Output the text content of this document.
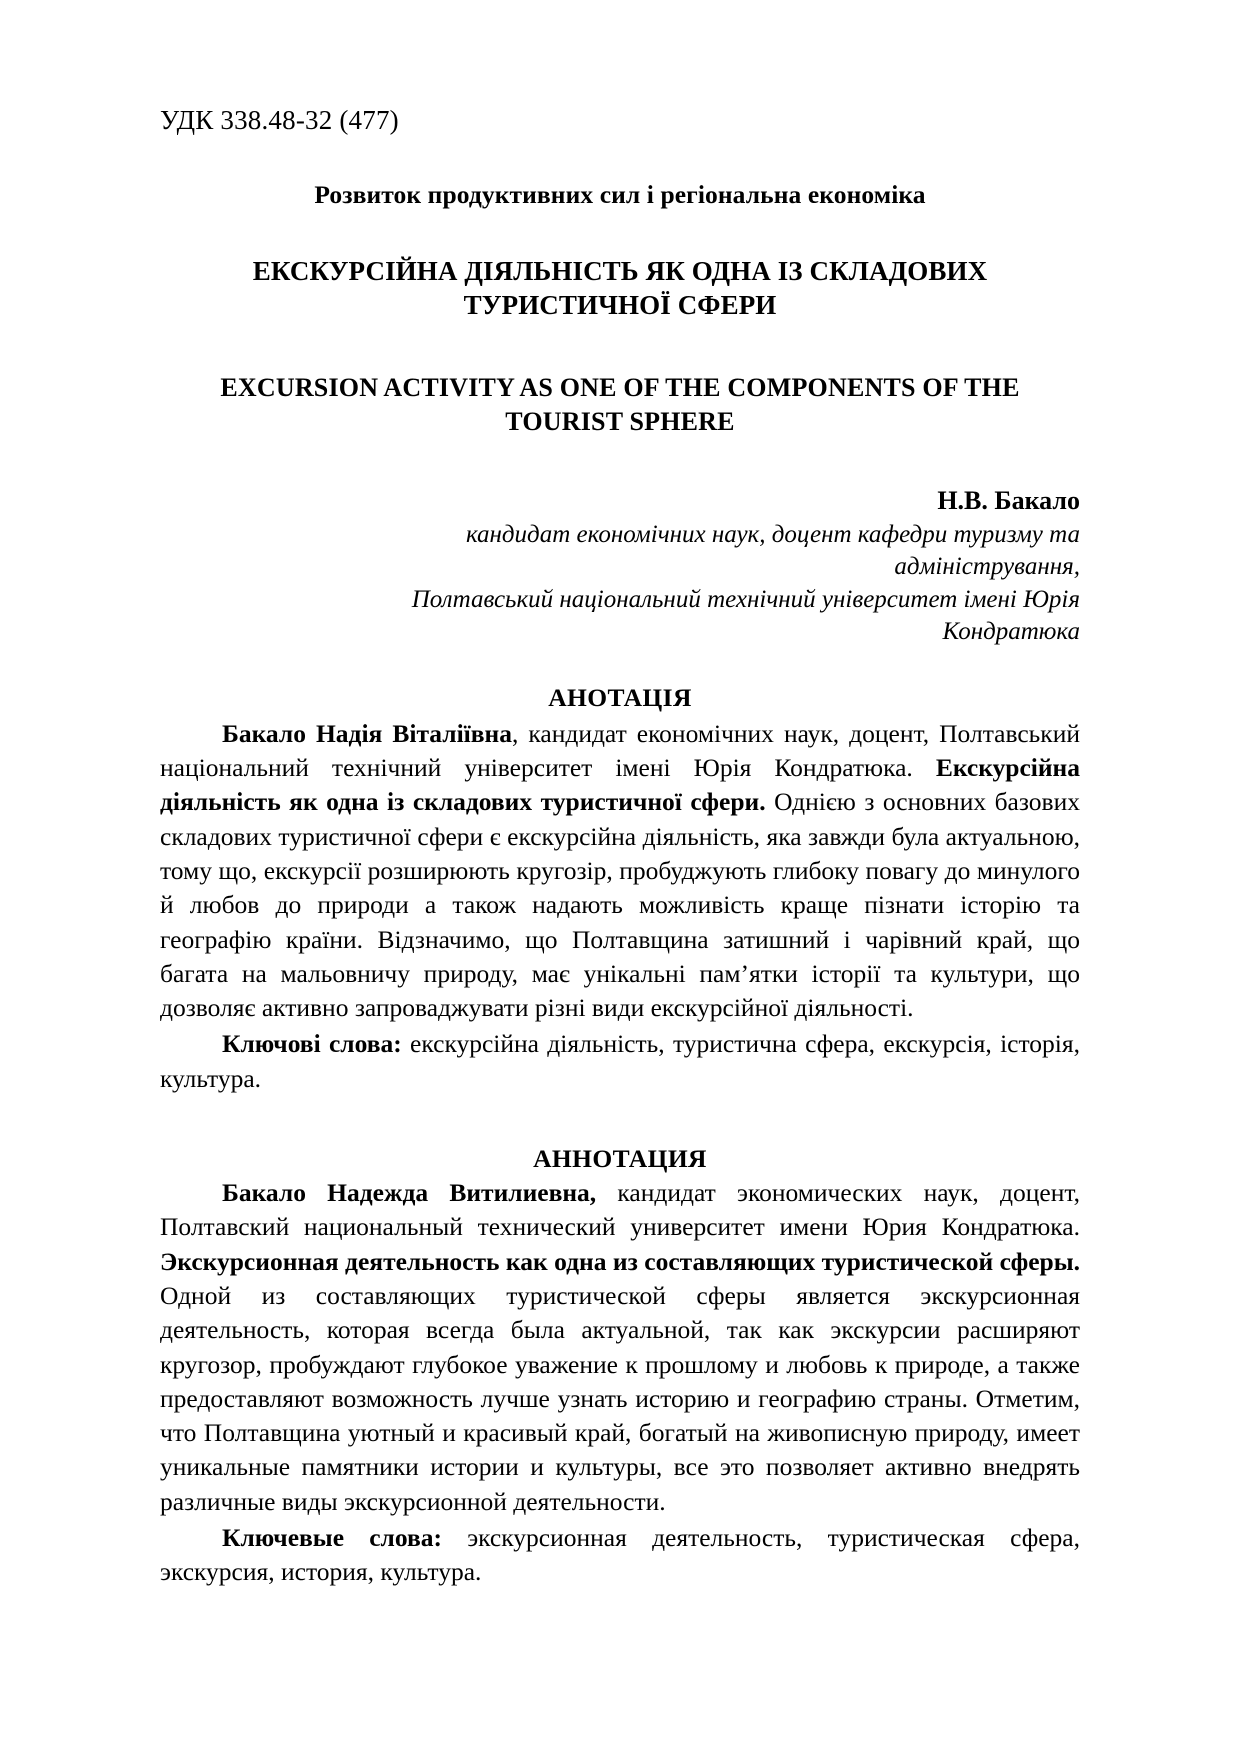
УДК 338.48-32 (477)
Розвиток продуктивних сил і регіональна економіка
ЕКСКУРСІЙНА ДІЯЛЬНІСТЬ ЯК ОДНА ІЗ СКЛАДОВИХ
ТУРИСТИЧНОЇ СФЕРИ
EXCURSION ACTIVITY AS ONE OF THE COMPONENTS OF THE
TOURIST SPHERE
Н.В. Бакало
кандидат економічних наук, доцент кафедри туризму та
адміністрування,
Полтавський національний технічний університет імені Юрія
Кондратюка
АНОТАЦІЯ
Бакало Надія Віталіївна, кандидат економічних наук, доцент, Полтавський національний технічний університет імені Юрія Кондратюка. Екскурсійна діяльність як одна із складових туристичної сфери. Однією з основних базових складових туристичної сфери є екскурсійна діяльність, яка завжди була актуальною, тому що, екскурсії розширюють кругозір, пробуджують глибоку повагу до минулого й любов до природи а також надають можливість краще пізнати історію та географію країни. Відзначимо, що Полтавщина затишний і чарівний край, що багата на мальовничу природу, має унікальні пам’ятки історії та культури, що дозволяє активно запроваджувати різні види екскурсійної діяльності.
Ключові слова: екскурсійна діяльність, туристична сфера, екскурсія, історія, культура.
АННОТАЦИЯ
Бакало Надежда Витилиевна, кандидат экономических наук, доцент, Полтавский национальный технический университет имени Юрия Кондратюка. Экскурсионная деятельность как одна из составляющих туристической сферы. Одной из составляющих туристической сферы является экскурсионная деятельность, которая всегда была актуальной, так как экскурсии расширяют кругозор, пробуждают глубокое уважение к прошлому и любовь к природе, а также предоставляют возможность лучше узнать историю и географию страны. Отметим, что Полтавщина уютный и красивый край, богатый на живописную природу, имеет уникальные памятники истории и культуры, все это позволяет активно внедрять различные виды экскурсионной деятельности.
Ключевые слова: экскурсионная деятельность, туристическая сфера, экскурсия, история, культура.
